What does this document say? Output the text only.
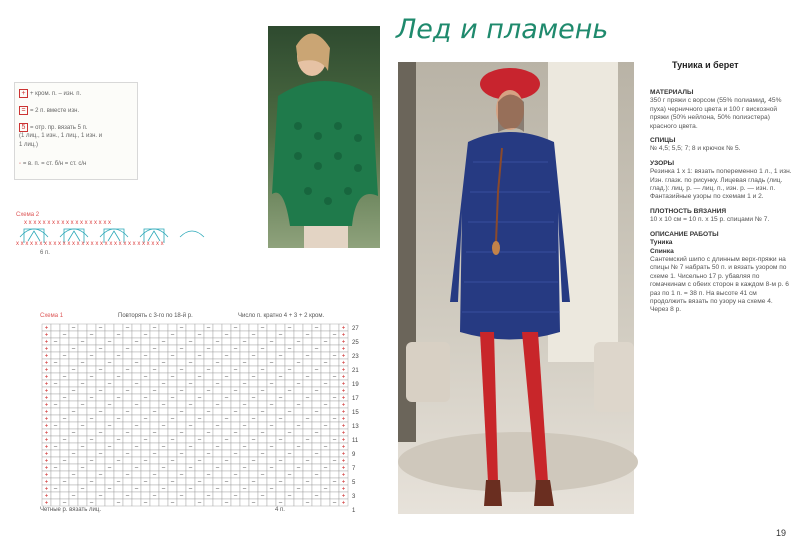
+ + кром. п. – изн. п.
= = 2 п. вместе изн.
5 = отр. пр. вязать 5 п.
(1 лиц., 1 изн., 1 лиц., 1 изн. и
1 лиц.)
◦ = в. п. = ст. б/н = ст. с/н
Схема 2
x x x x x x x x x x x x x x x x x x x x x x x x x x x x x x x x
x x x x x x x x x x x x x x x x x x x
6 п.
Схема 1	Повторять с 3-го по 18-й р.	Число п. кратно 4 + 3 + 2 кром.
+	–	–	–	–	–	–	–	–	–	–	+ 27
+ –	–	–	–	–	–	–	–	–	–	– +
25
+ –	–	–	–	–	–	–	–	–	–	– +
23
+	–	–	–	–	–	–	–	–	–	–	+
21
+ –	–	–	–	–	–	–	–	–	–	– +
19
+ –	–	–	–	–	–	–	–	–	–	– +
17
+	–	–	–	–	–	–	–	–	–	–	+
15
+ –	–	–	–	–	–	–	–	–	–	– +
13
+ –	–	–	–	–	–	–	–	–	–	– +
11
+	–	–	–	–	–	–	–	–	–	–	+
9
+ –	–	–	–	–	–	–	–	–	–	– +
7
+ –	–	–	–	–	–	–	–	–	–	– +
5
+	–	–	–	–	–	–	–	–	–	–	+
3
+ –	–	–	–	–	–	–	–	–	–	– +
1
+ –	–	–	–	–	–	–	–	–	–	– +
+	–	–	–	–	–	–	–	–	–	–	+
+ –	–	–	–	–	–	–	–	–	–	– +
+ –	–	–	–	–	–	–	–	–	–	– +
+	–	–	–	–	–	–	–	–	–	–	+
+ –	–	–	–	–	–	–	–	–	–	– +
+ –	–	–	–	–	–	–	–	–	–	– +
+	–	–	–	–	–	–	–	–	–	–	+
+ –	–	–	–	–	–	–	–	–	–	– +
+ –	–	–	–	–	–	–	–	–	–	– +
+	–	–	–	–	–	–	–	–	–	–	+
+ –	–	–	–	–	–	–	–	–	–	– +
Четные р. вязать лиц.	4 п.
Лед и пламень
Туника и берет

МАТЕРИАЛЫ

350 г пряжи с ворсом (55% полиамид, 45% пуха) черничного цвета и 100 г вискозной пряжи (50% нейлона, 50% полиэстера) красного цвета.

СПИЦЫ

№ 4,5; 5,5; 7; 8 и крючок № 5.

УЗОРЫ

Резинка 1 х 1: вязать попеременно 1 л., 1 изн. Изн. глазк. по рисунку. Лицевая гладь (лиц. глад.): лиц. р. — лиц. п., изн. р. — изн. п. Фантазийные узоры по схемам 1 и 2.

ПЛОТНОСТЬ ВЯЗАНИЯ

10 х 10 см = 10 п. х 15 р. спицами № 7.

ОПИСАНИЕ РАБОТЫ

Туника

Спинка

Сантемский шипо с длинным верх-пряжи на спицы № 7 набрать 50 п. и вязать узором по схеме 1. Чисельно 17 р. убавляя по гомачкинам с обеих сторон в каждом 8-м р. 6 раз по 1 п. = 38 п. На высоте 41 см продолжить вязать по узору на схеме 4. Через 8 р.

19
